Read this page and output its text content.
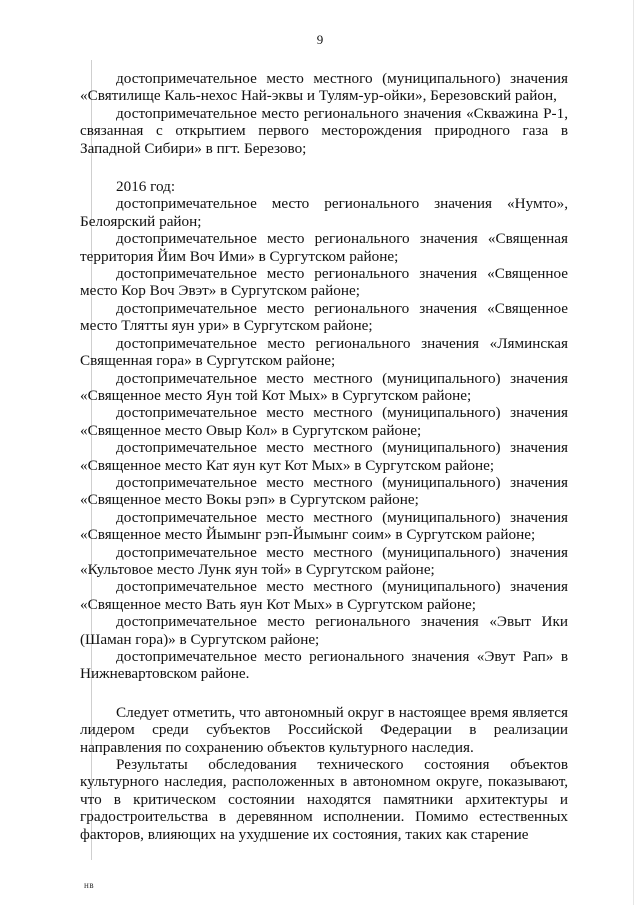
9

достопримечательное место местного (муниципального) значения «Святилище Каль-нехос Най-эквы и Тулям-ур-ойки», Березовский район,

достопримечательное место регионального значения «Скважина Р-1, связанная с открытием первого месторождения природного газа в Западной Сибири» в пгт. Березово;

2016 год:

достопримечательное место регионального значения «Нумто», Белоярский район;

достопримечательное место регионального значения «Священная территория Йим Воч Ими» в Сургутском районе;

достопримечательное место регионального значения «Священное место Кор Воч Эвэт» в Сургутском районе;

достопримечательное место регионального значения «Священное место Тлятты яун ури» в Сургутском районе;

достопримечательное место регионального значения «Ляминская Священная гора» в Сургутском районе;

достопримечательное место местного (муниципального) значения «Священное место Яун той Кот Мых» в Сургутском районе;

достопримечательное место местного (муниципального) значения «Священное место Овыр Кол» в Сургутском районе;

достопримечательное место местного (муниципального) значения «Священное место Кат яун кут Кот Мых» в Сургутском районе;

достопримечательное место местного (муниципального) значения «Священное место Вокы рэп» в Сургутском районе;

достопримечательное место местного (муниципального) значения «Священное место Йымынг рэп-Йымынг соим» в Сургутском районе;

достопримечательное место местного (муниципального) значения «Культовое место Лунк яун той» в Сургутском районе;

достопримечательное место местного (муниципального) значения «Священное место Вать яун Кот Мых» в Сургутском районе;

достопримечательное место регионального значения «Эвыт Ики (Шаман гора)» в Сургутском районе;

достопримечательное место регионального значения «Эвут Рап» в Нижневартовском районе.

Следует отметить, что автономный округ в настоящее время является лидером среди субъектов Российской Федерации в реализации направления по сохранению объектов культурного наследия.

Результаты обследования технического состояния объектов культурного наследия, расположенных в автономном округе, показывают, что в критическом состоянии находятся памятники архитектуры и градостроительства в деревянном исполнении. Помимо естественных факторов, влияющих на ухудшение их состояния, таких как старение

нв
